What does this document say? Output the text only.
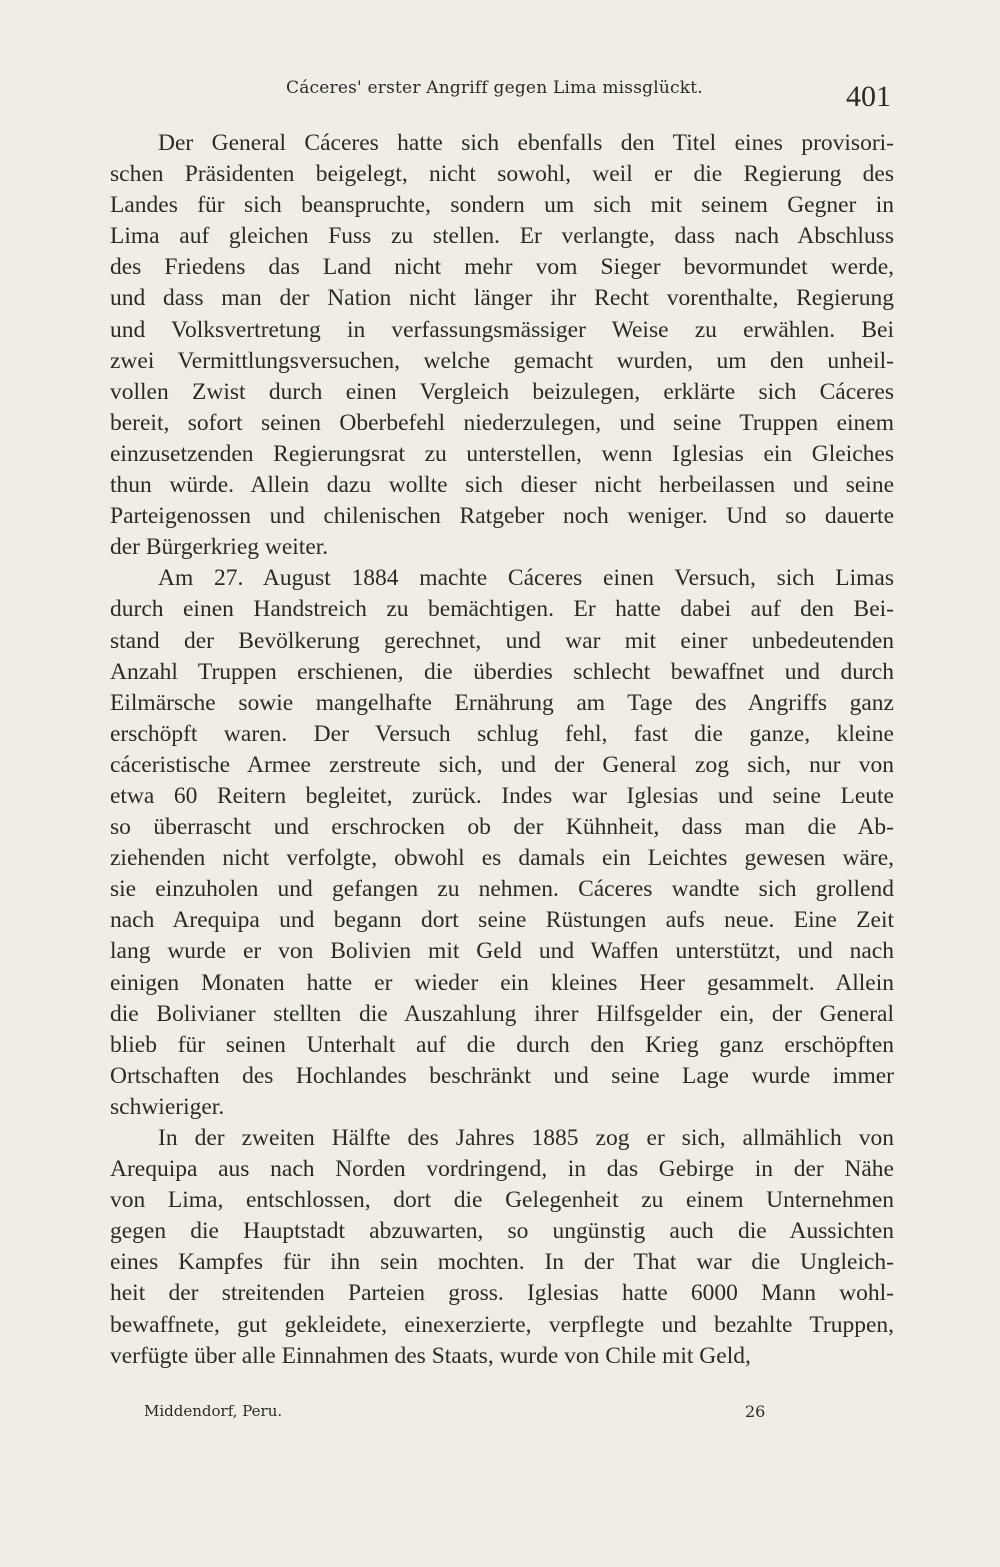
Cáceres' erster Angriff gegen Lima missglückt.	401

Der General Cáceres hatte sich ebenfalls den Titel eines provisori-
schen Präsidenten beigelegt, nicht sowohl, weil er die Regierung des
Landes für sich beanspruchte, sondern um sich mit seinem Gegner in
Lima auf gleichen Fuss zu stellen. Er verlangte, dass nach Abschluss
des Friedens das Land nicht mehr vom Sieger bevormundet werde,
und dass man der Nation nicht länger ihr Recht vorenthalte, Regierung
und Volksvertretung in verfassungsmässiger Weise zu erwählen. Bei
zwei Vermittlungsversuchen, welche gemacht wurden, um den unheil-
vollen Zwist durch einen Vergleich beizulegen, erklärte sich Cáceres
bereit, sofort seinen Oberbefehl niederzulegen, und seine Truppen einem
einzusetzenden Regierungsrat zu unterstellen, wenn Iglesias ein Gleiches
thun würde. Allein dazu wollte sich dieser nicht herbeilassen und seine
Parteigenossen und chilenischen Ratgeber noch weniger. Und so dauerte
der Bürgerkrieg weiter.

Am 27. August 1884 machte Cáceres einen Versuch, sich Limas
durch einen Handstreich zu bemächtigen. Er hatte dabei auf den Bei-
stand der Bevölkerung gerechnet, und war mit einer unbedeutenden
Anzahl Truppen erschienen, die überdies schlecht bewaffnet und durch
Eilmärsche sowie mangelhafte Ernährung am Tage des Angriffs ganz
erschöpft waren. Der Versuch schlug fehl, fast die ganze, kleine
cáceristische Armee zerstreute sich, und der General zog sich, nur von
etwa 60 Reitern begleitet, zurück. Indes war Iglesias und seine Leute
so überrascht und erschrocken ob der Kühnheit, dass man die Ab-
ziehenden nicht verfolgte, obwohl es damals ein Leichtes gewesen wäre,
sie einzuholen und gefangen zu nehmen. Cáceres wandte sich grollend
nach Arequipa und begann dort seine Rüstungen aufs neue. Eine Zeit
lang wurde er von Bolivien mit Geld und Waffen unterstützt, und nach
einigen Monaten hatte er wieder ein kleines Heer gesammelt. Allein
die Bolivianer stellten die Auszahlung ihrer Hilfsgelder ein, der General
blieb für seinen Unterhalt auf die durch den Krieg ganz erschöpften
Ortschaften des Hochlandes beschränkt und seine Lage wurde immer
schwieriger.

In der zweiten Hälfte des Jahres 1885 zog er sich, allmählich von
Arequipa aus nach Norden vordringend, in das Gebirge in der Nähe
von Lima, entschlossen, dort die Gelegenheit zu einem Unternehmen
gegen die Hauptstadt abzuwarten, so ungünstig auch die Aussichten
eines Kampfes für ihn sein mochten. In der That war die Ungleich-
heit der streitenden Parteien gross. Iglesias hatte 6000 Mann wohl-
bewaffnete, gut gekleidete, einexerzierte, verpflegte und bezahlte Truppen,
verfügte über alle Einnahmen des Staats, wurde von Chile mit Geld,

Middendorf, Peru.	26
